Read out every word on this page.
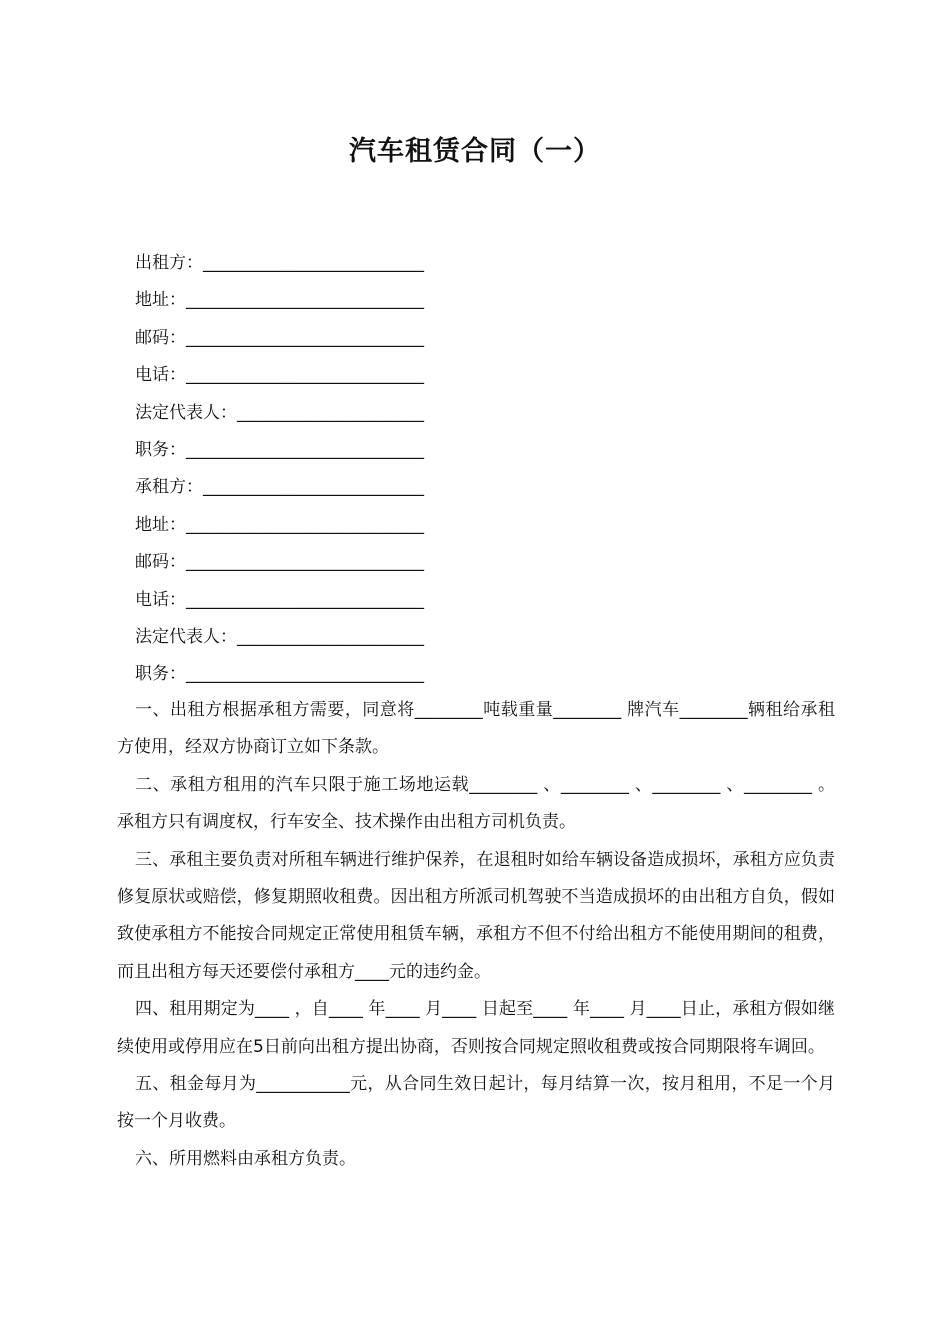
汽车租赁合同（一）
出租方：__________________________
地址：____________________________
邮码：____________________________
电话：____________________________
法定代表人：______________________
职务：____________________________
承租方：__________________________
地址：____________________________
邮码：____________________________
电话：____________________________
法定代表人：______________________
职务：____________________________

一、出租方根据承租方需要，同意将________吨载重量________ 牌汽车________辆租给承租方使用，经双方协商订立如下条款。

二、承租方租用的汽车只限于施工场地运载________ 、________ 、________ 、________ 。承租方只有调度权，行车安全、技术操作由出租方司机负责。

三、承租主要负责对所租车辆进行维护保养，在退租时如给车辆设备造成损坏，承租方应负责修复原状或赔偿，修复期照收租费。因出租方所派司机驾驶不当造成损坏的由出租方自负，假如致使承租方不能按合同规定正常使用租赁车辆，承租方不但不付给出租方不能使用期间的租费，而且出租方每天还要偿付承租方____元的违约金。

四、租用期定为____ ，自____ 年____ 月____ 日起至____ 年____ 月____日止，承租方假如继续使用或停用应在5日前向出租方提出协商，否则按合同规定照收租费或按合同期限将车调回。

五、租金每月为___________元，从合同生效日起计，每月结算一次，按月租用，不足一个月按一个月收费。

六、所用燃料由承租方负责。
